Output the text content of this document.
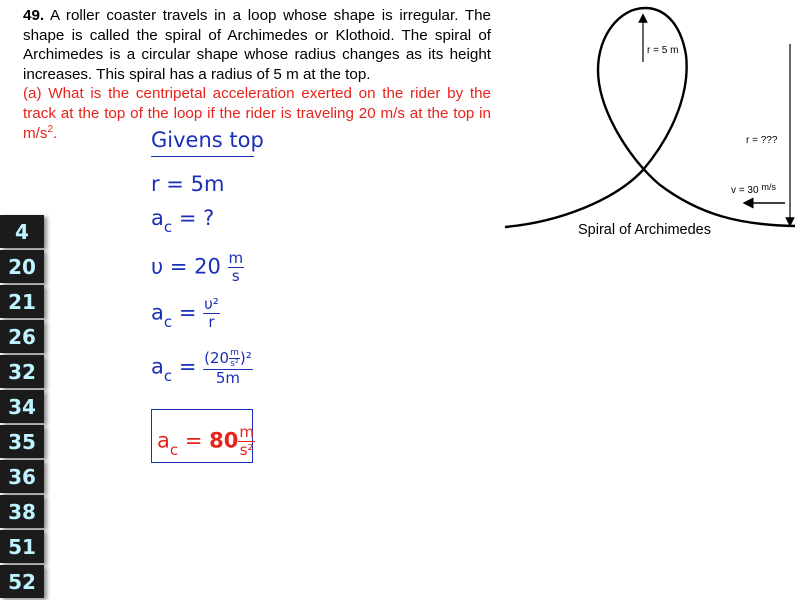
49. A roller coaster travels in a loop whose shape is irregular. The shape is called the spiral of Archimedes or Klothoid. The spiral of Archimedes is a circular shape whose radius changes as its height increases. This spiral has a radius of 5 m at the top.
(a) What is the centripetal acceleration exerted on the rider by the track at the top of the loop if the rider is traveling 20 m/s at the top in $m/s^2$.	Givens top
r = 5m
$a_c$ = ?
$\upsilon = 20 \frac{m}{s}$
$a_c = \frac{\text{υ²}}{r}$
$a_c = \frac{(20 \frac{m}{\text{s²}} )^2}{5m}$
$a_c = 80 \frac{m}{\text{s²}}$
r = 5 m
r = ???
v = 30 m/s
Spiral of Archimedes
4
20
21
26
32
34
35
36
38
51
52
